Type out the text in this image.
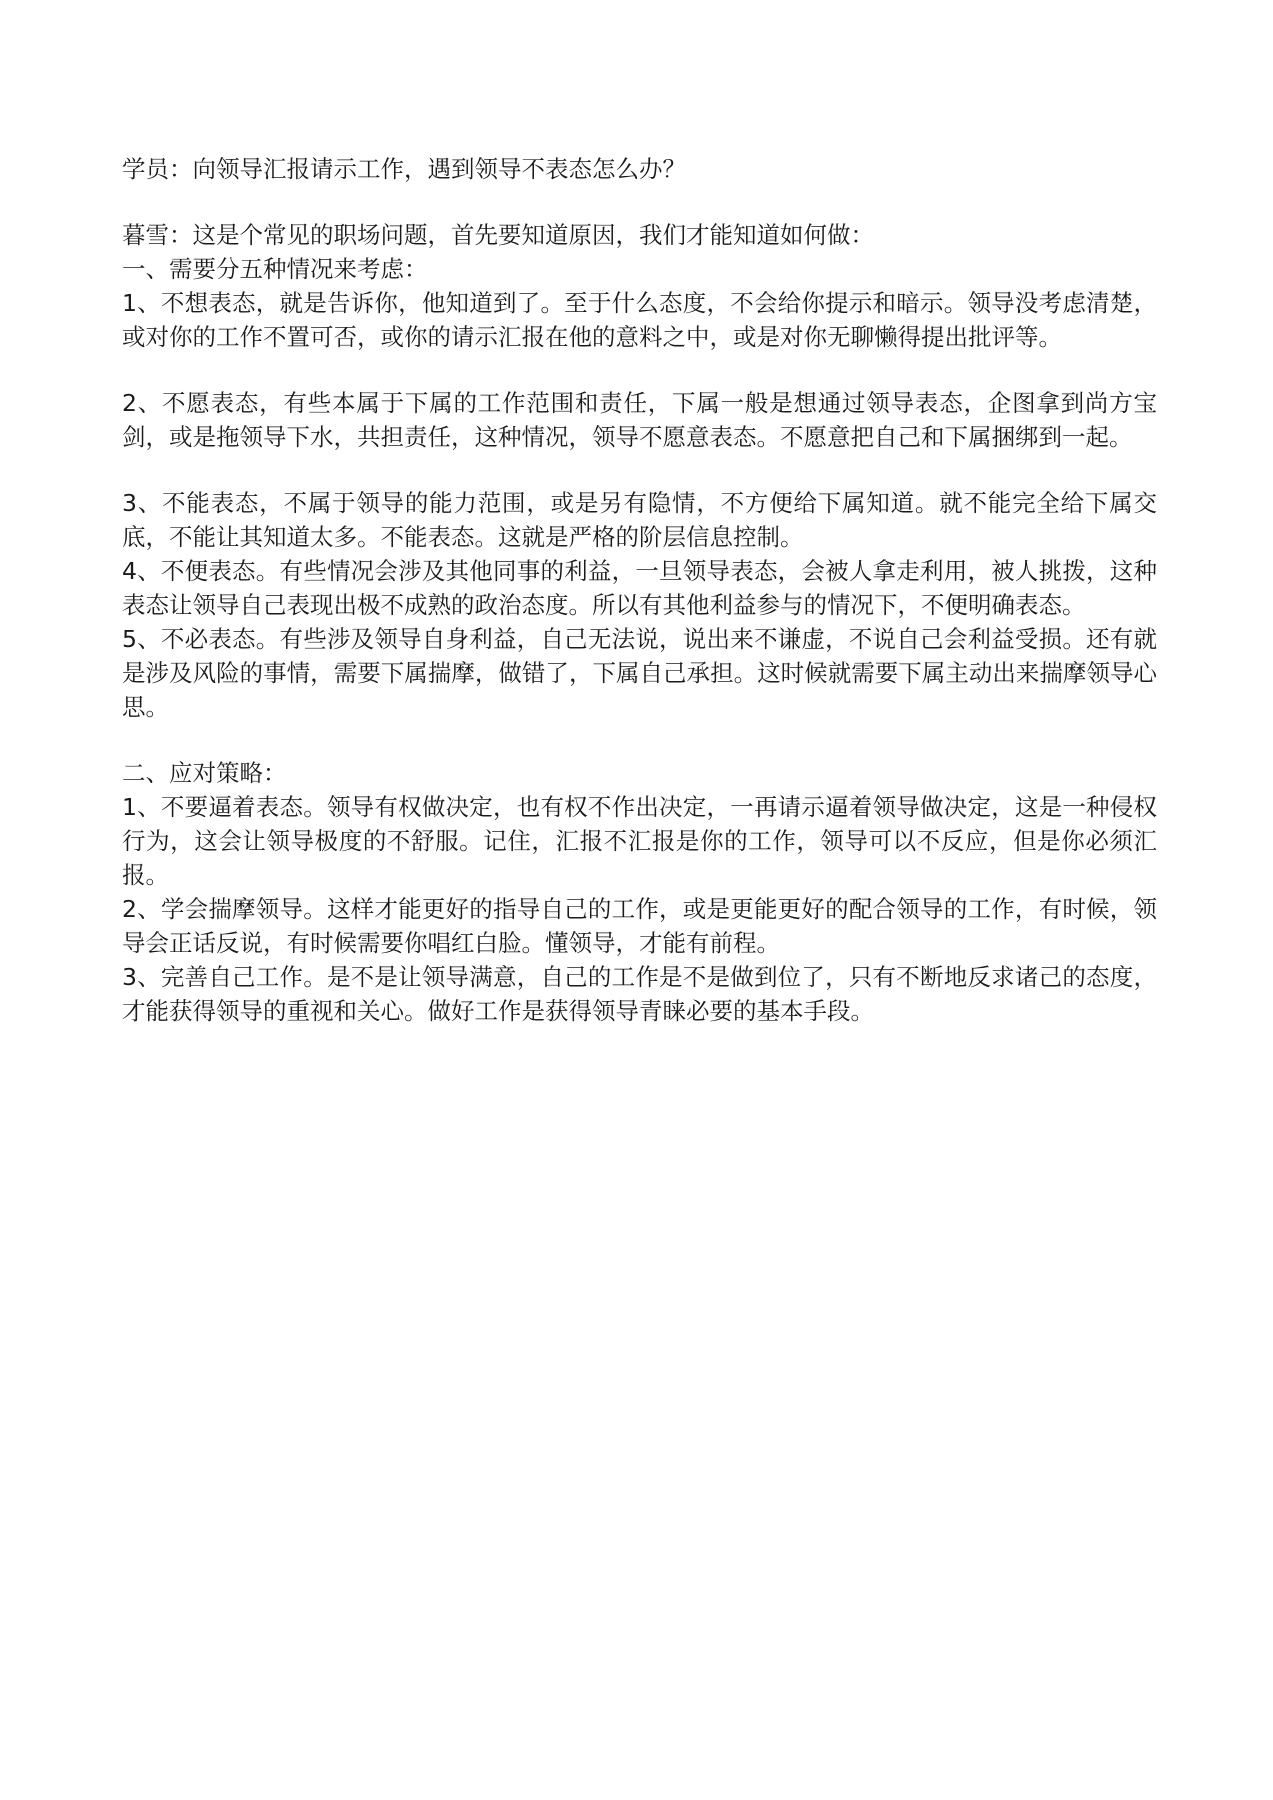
学员：向领导汇报请示工作，遇到领导不表态怎么办？
暮雪：这是个常见的职场问题，首先要知道原因，我们才能知道如何做：
一、需要分五种情况来考虑：
1、不想表态，就是告诉你，他知道到了。至于什么态度，不会给你提示和暗示。领导没考虑清楚，或对你的工作不置可否，或你的请示汇报在他的意料之中，或是对你无聊懒得提出批评等。
2、不愿表态，有些本属于下属的工作范围和责任，下属一般是想通过领导表态，企图拿到尚方宝剑，或是拖领导下水，共担责任，这种情况，领导不愿意表态。不愿意把自己和下属捆绑到一起。
3、不能表态，不属于领导的能力范围，或是另有隐情，不方便给下属知道。就不能完全给下属交底，不能让其知道太多。不能表态。这就是严格的阶层信息控制。
4、不便表态。有些情况会涉及其他同事的利益，一旦领导表态，会被人拿走利用，被人挑拨，这种表态让领导自己表现出极不成熟的政治态度。所以有其他利益参与的情况下，不便明确表态。
5、不必表态。有些涉及领导自身利益，自己无法说，说出来不谦虚，不说自己会利益受损。还有就是涉及风险的事情，需要下属揣摩，做错了，下属自己承担。这时候就需要下属主动出来揣摩领导心思。
二、应对策略：
1、不要逼着表态。领导有权做决定，也有权不作出决定，一再请示逼着领导做决定，这是一种侵权行为，这会让领导极度的不舒服。记住，汇报不汇报是你的工作，领导可以不反应，但是你必须汇报。
2、学会揣摩领导。这样才能更好的指导自己的工作，或是更能更好的配合领导的工作，有时候，领导会正话反说，有时候需要你唱红白脸。懂领导，才能有前程。
3、完善自己工作。是不是让领导满意，自己的工作是不是做到位了，只有不断地反求诸己的态度，才能获得领导的重视和关心。做好工作是获得领导青睐必要的基本手段。
